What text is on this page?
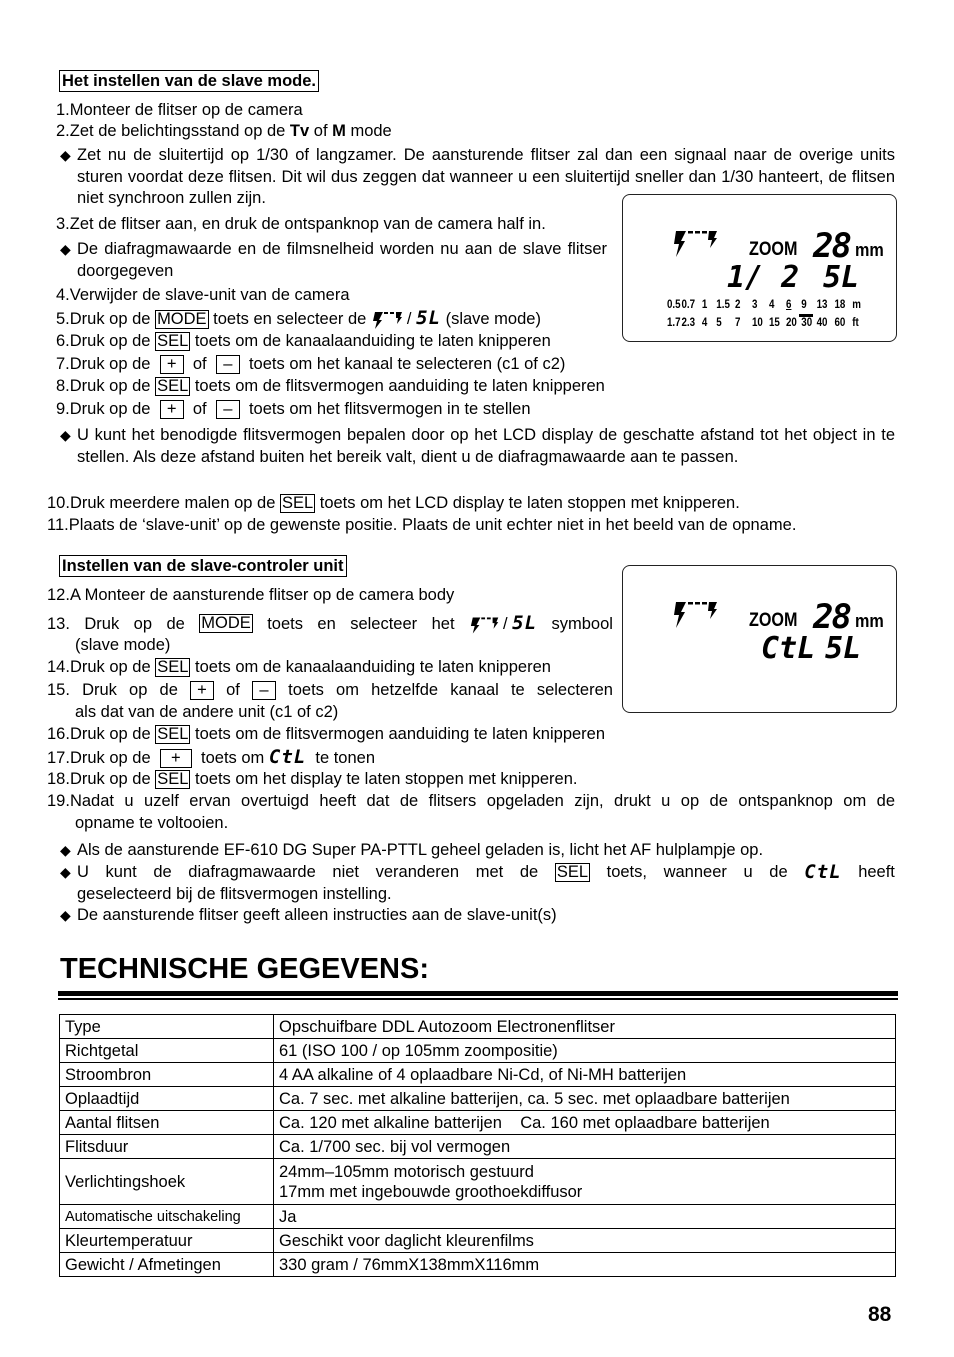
Het instellen van de slave mode.
1.Monteer de flitser op de camera
2.Zet de belichtingsstand op de Tv of M mode
◆ Zet nu de sluitertijd op 1/30 of langzamer. De aansturende flitser zal dan een signaal naar de overige units sturen voordat deze flitsen. Dit wil dus zeggen dat wanneer u een sluitertijd sneller dan 1/30 hanteert, de flitsen niet synchroon zullen zijn.
3.Zet de flitser aan, en druk de ontspanknop van de camera half in.
◆ De diafragmawaarde en de filmsnelheid worden nu aan de slave flitser doorgegeven
4.Verwijder de slave-unit van de camera
5.Druk op de MODE toets en selecteer de / 5L (slave mode)
6.Druk op de SEL toets om de kanaalaanduiding te laten knipperen
7.Druk op de  +  of  –  toets om het kanaal te selecteren (c1 of c2)
8.Druk op de SEL toets om de flitsvermogen aanduiding te laten knipperen
9.Druk op de  +  of  –  toets om het flitsvermogen in te stellen
◆ U kunt het benodigde flitsvermogen bepalen door op het LCD display de geschatte afstand tot het object in te stellen. Als deze afstand buiten het bereik valt, dient u de diafragmawaarde aan te passen.
10.Druk meerdere malen op de SEL toets om het LCD display te laten stoppen met knipperen.
11.Plaats de ‘slave-unit’ op de gewenste positie. Plaats de unit echter niet in het beeld van de opname.
ZOOM 28 mm
1/ 2 5L
0.50.7 1 1.5 2 3 4 6 9 13 18 m
1.72.3 4 5 7 10 15 20 30 40 60 ft
Instellen van de slave-controler unit
12.A Monteer de aansturende flitser op de camera body
13. Druk op de MODE toets en selecteer het	/ 5L symbool
(slave mode)
14.Druk op de SEL toets om de kanaalaanduiding te laten knipperen
15. Druk op de	+	of	–	toets om hetzelfde kanaal te selecteren
als dat van de andere unit (c1 of c2)
16.Druk op de SEL toets om de flitsvermogen aanduiding te laten knipperen
17.Druk op de  +  toets om CtL  te tonen
18.Druk op de SEL toets om het display te laten stoppen met knipperen.
19.Nadat u uzelf ervan overtuigd heeft dat de flitsers opgeladen zijn, drukt u op de ontspanknop om de
opname te voltooien.
◆ Als de aansturende EF-610 DG Super PA-PTTL geheel geladen is, licht het AF hulplampje op.
◆ U kunt de diafragmawaarde niet veranderen met de SEL toets, wanneer u de CtL heeft
geselecteerd bij de flitsvermogen instelling.
◆ De aansturende flitser geeft alleen instructies aan de slave-unit(s)
ZOOM 28 mm
CtL 5L
TECHNISCHE GEGEVENS:
Type	Opschuifbare DDL Autozoom Electronenflitser
Richtgetal	61 (ISO 100 / op 105mm zoompositie)
Stroombron	4 AA alkaline of 4 oplaadbare Ni-Cd, of Ni-MH batterijen
Oplaadtijd	Ca. 7 sec. met alkaline batterijen, ca. 5 sec. met oplaadbare batterijen
Aantal flitsen	Ca. 120 met alkaline batterijen    Ca. 160 met oplaadbare batterijen
Flitsduur	Ca. 1/700 sec. bij vol vermogen
Verlichtingshoek	24mm–105mm motorisch gestuurd
17mm met ingebouwde groothoekdiffusor

Automatische uitschakeling	Ja
Kleurtemperatuur	Geschikt voor daglicht kleurenfilms
Gewicht / Afmetingen	330 gram / 76mmX138mmX116mm
88
